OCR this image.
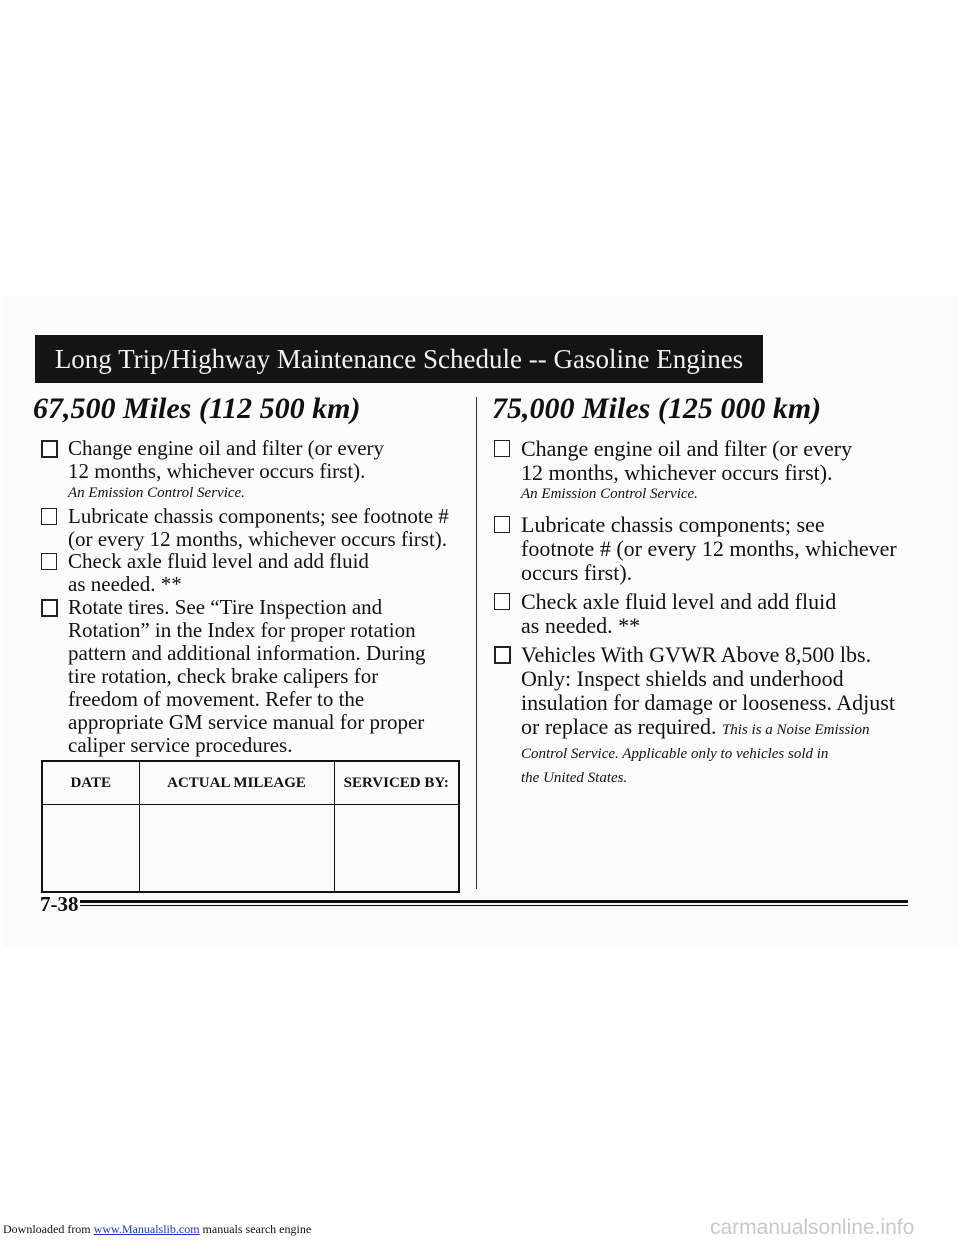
Long Trip/Highway Maintenance Schedule -- Gasoline Engines
67,500 Miles (112 500 km)
Change engine oil and filter (or every
12 months, whichever occurs first).
An Emission Control Service.
Lubricate chassis components; see footnote #
(or every 12 months, whichever occurs first).
Check axle fluid level and add fluid
as needed. **
Rotate tires. See “Tire Inspection and
Rotation” in the Index for proper rotation
pattern and additional information. During
tire rotation, check brake calipers for
freedom of movement. Refer to the
appropriate GM service manual for proper
caliper service procedures.
DATE	ACTUAL MILEAGE	SERVICED BY:

75,000 Miles (125 000 km)
Change engine oil and filter (or every
12 months, whichever occurs first).
An Emission Control Service.
Lubricate chassis components; see
footnote # (or every 12 months, whichever
occurs first).
Check axle fluid level and add fluid
as needed. **
Vehicles With GVWR Above 8,500 lbs.
Only: Inspect shields and underhood
insulation for damage or looseness. Adjust
or replace as required. This is a Noise Emission
Control Service. Applicable only to vehicles sold in
the United States.
7-38
Downloaded from www.Manualslib.com manuals search engine	carmanualsonline.info
